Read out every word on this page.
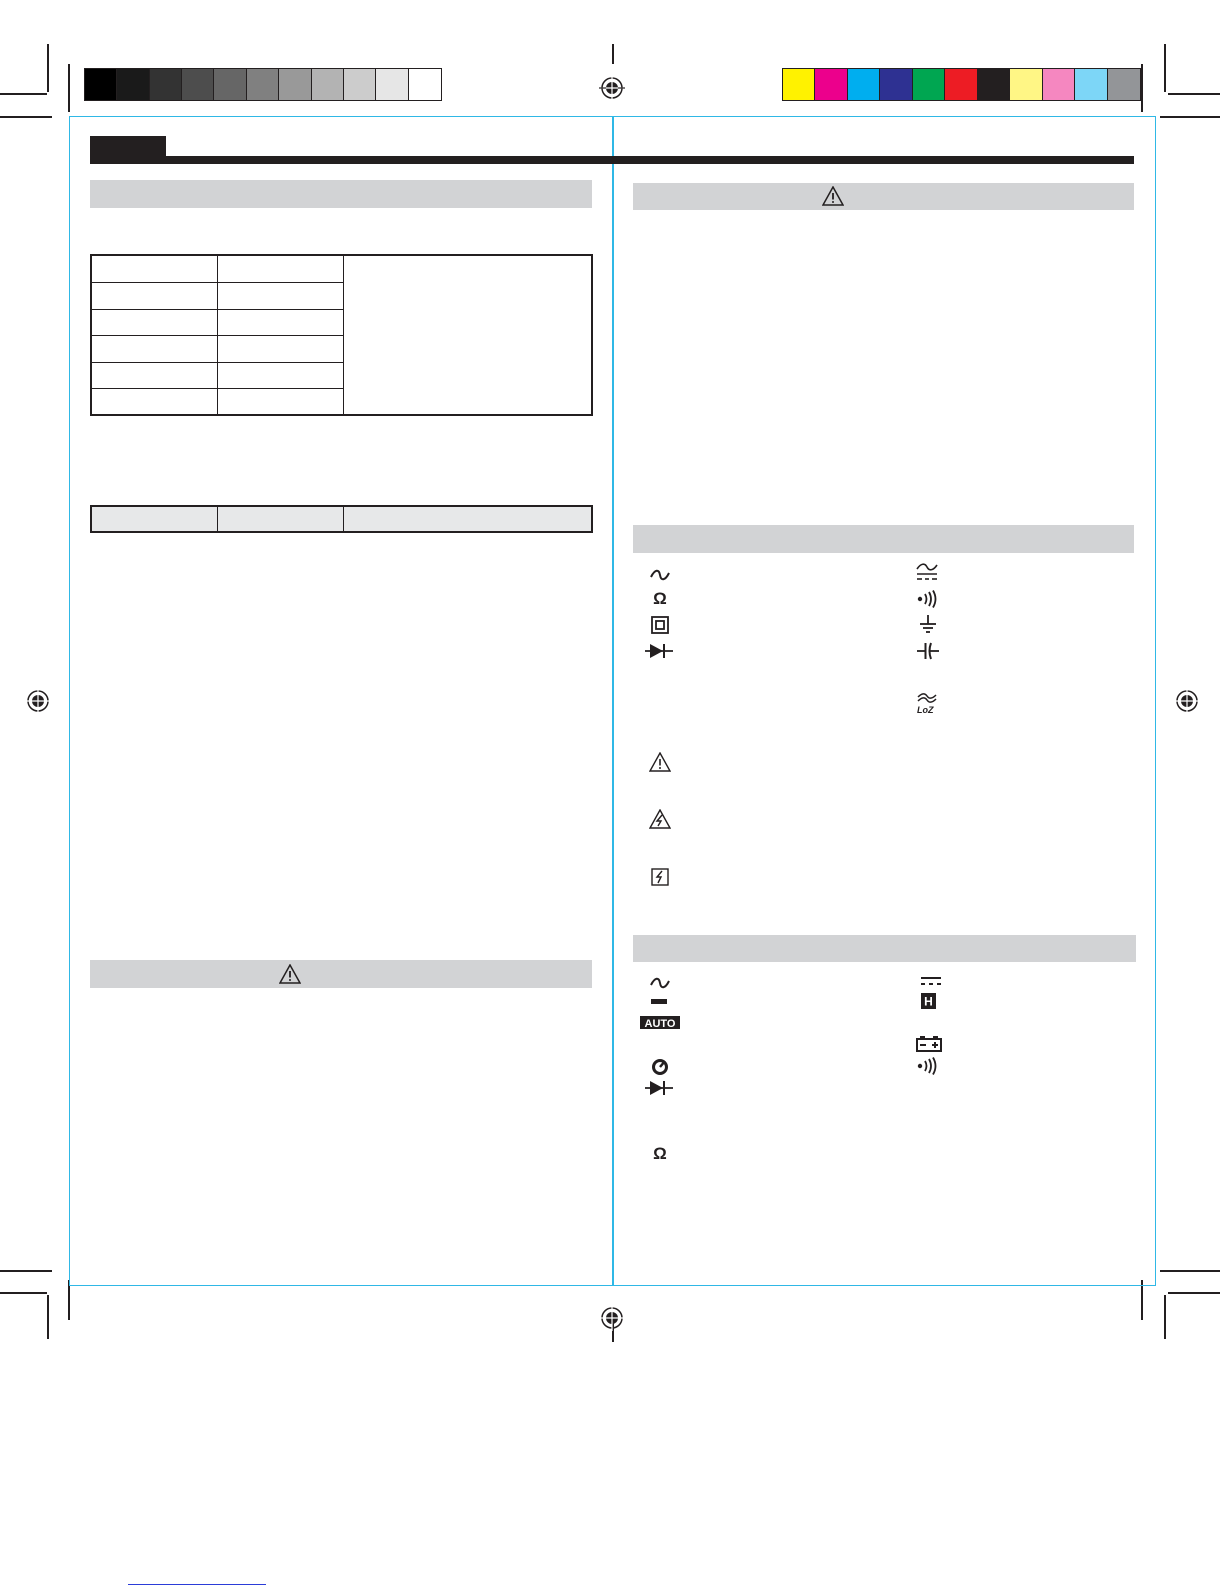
Ω
LoZ
H
AUTO
Ω
